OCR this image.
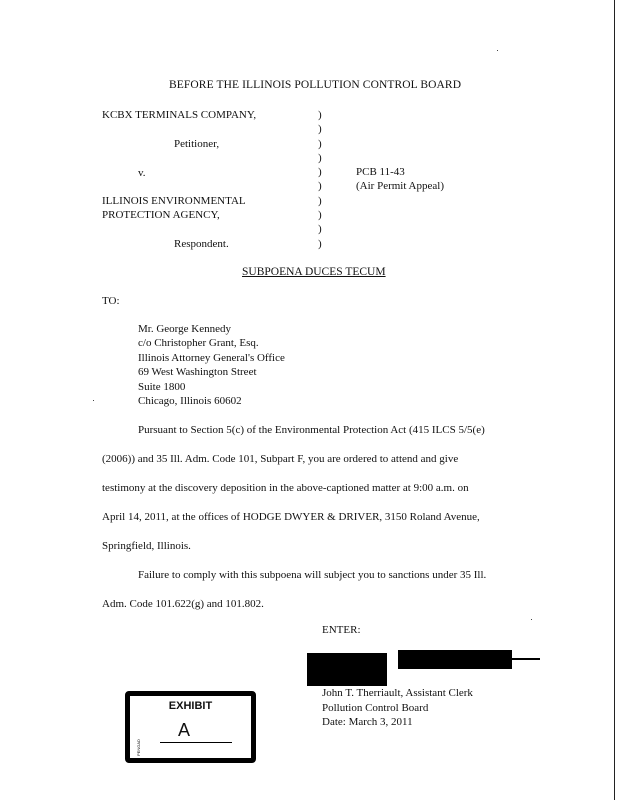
BEFORE THE ILLINOIS POLLUTION CONTROL BOARD
KCBX TERMINALS COMPANY,
Petitioner,
v.
ILLINOIS ENVIRONMENTAL
PROTECTION AGENCY,
Respondent.
)
)
)
)
)
)
)
)
)
)
PCB 11-43
(Air Permit Appeal)
SUBPOENA DUCES TECUM
TO:
Mr. George Kennedy
c/o Christopher Grant, Esq.
Illinois Attorney General's Office
69 West Washington Street
Suite 1800
Chicago, Illinois 60602
Pursuant to Section 5(c) of the Environmental Protection Act (415 ILCS 5/5(e)
(2006)) and 35 Ill. Adm. Code 101, Subpart F, you are ordered to attend and give
testimony at the discovery deposition in the above-captioned matter at 9:00 a.m. on
April 14, 2011, at the offices of HODGE DWYER & DRIVER, 3150 Roland Avenue,
Springfield, Illinois.
Failure to comply with this subpoena will subject you to sanctions under 35 Ill.
Adm. Code 101.622(g) and 101.802.
ENTER:
John T. Therriault, Assistant Clerk
Pollution Control Board
Date: March 3, 2011
PENGAD
EXHIBIT
A
